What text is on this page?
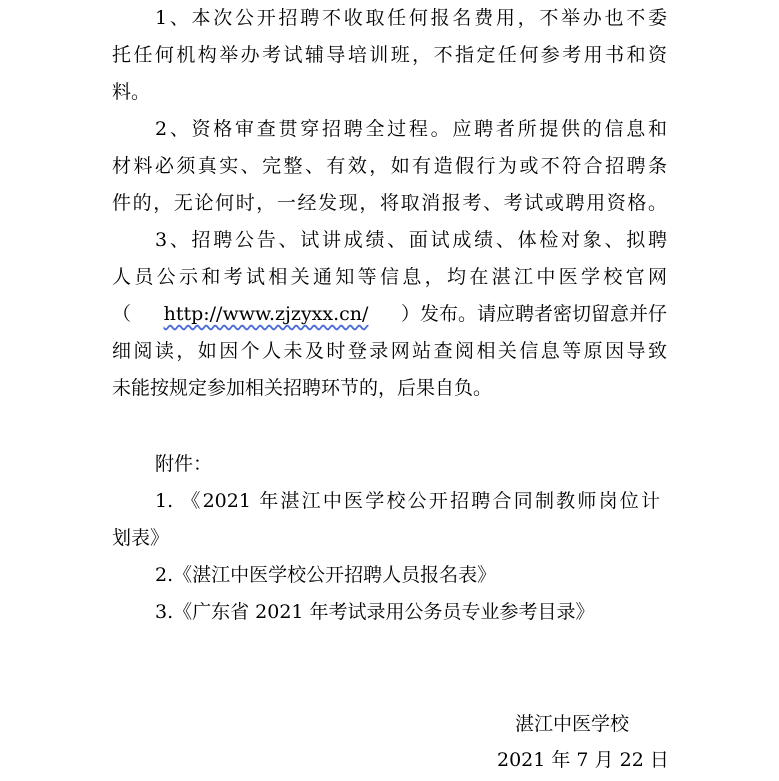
1、本次公开招聘不收取任何报名费用，不举办也不委
托任何机构举办考试辅导培训班，不指定任何参考用书和资
料。
2、资格审查贯穿招聘全过程。应聘者所提供的信息和
材料必须真实、完整、有效，如有造假行为或不符合招聘条
件的，无论何时，一经发现，将取消报考、考试或聘用资格。
3、招聘公告、试讲成绩、面试成绩、体检对象、拟聘
人员公示和考试相关通知等信息，均在湛江中医学校官网
（ http://www.zjzyxx.cn/ ）发布。请应聘者密切留意并仔
细阅读，如因个人未及时登录网站查阅相关信息等原因导致
未能按规定参加相关招聘环节的，后果自负。
附件：
1. 《2021 年湛江中医学校公开招聘合同制教师岗位计
划表》
2.《湛江中医学校公开招聘人员报名表》
3.《广东省 2021 年考试录用公务员专业参考目录》
湛江中医学校
2021 年 7 月 22 日
